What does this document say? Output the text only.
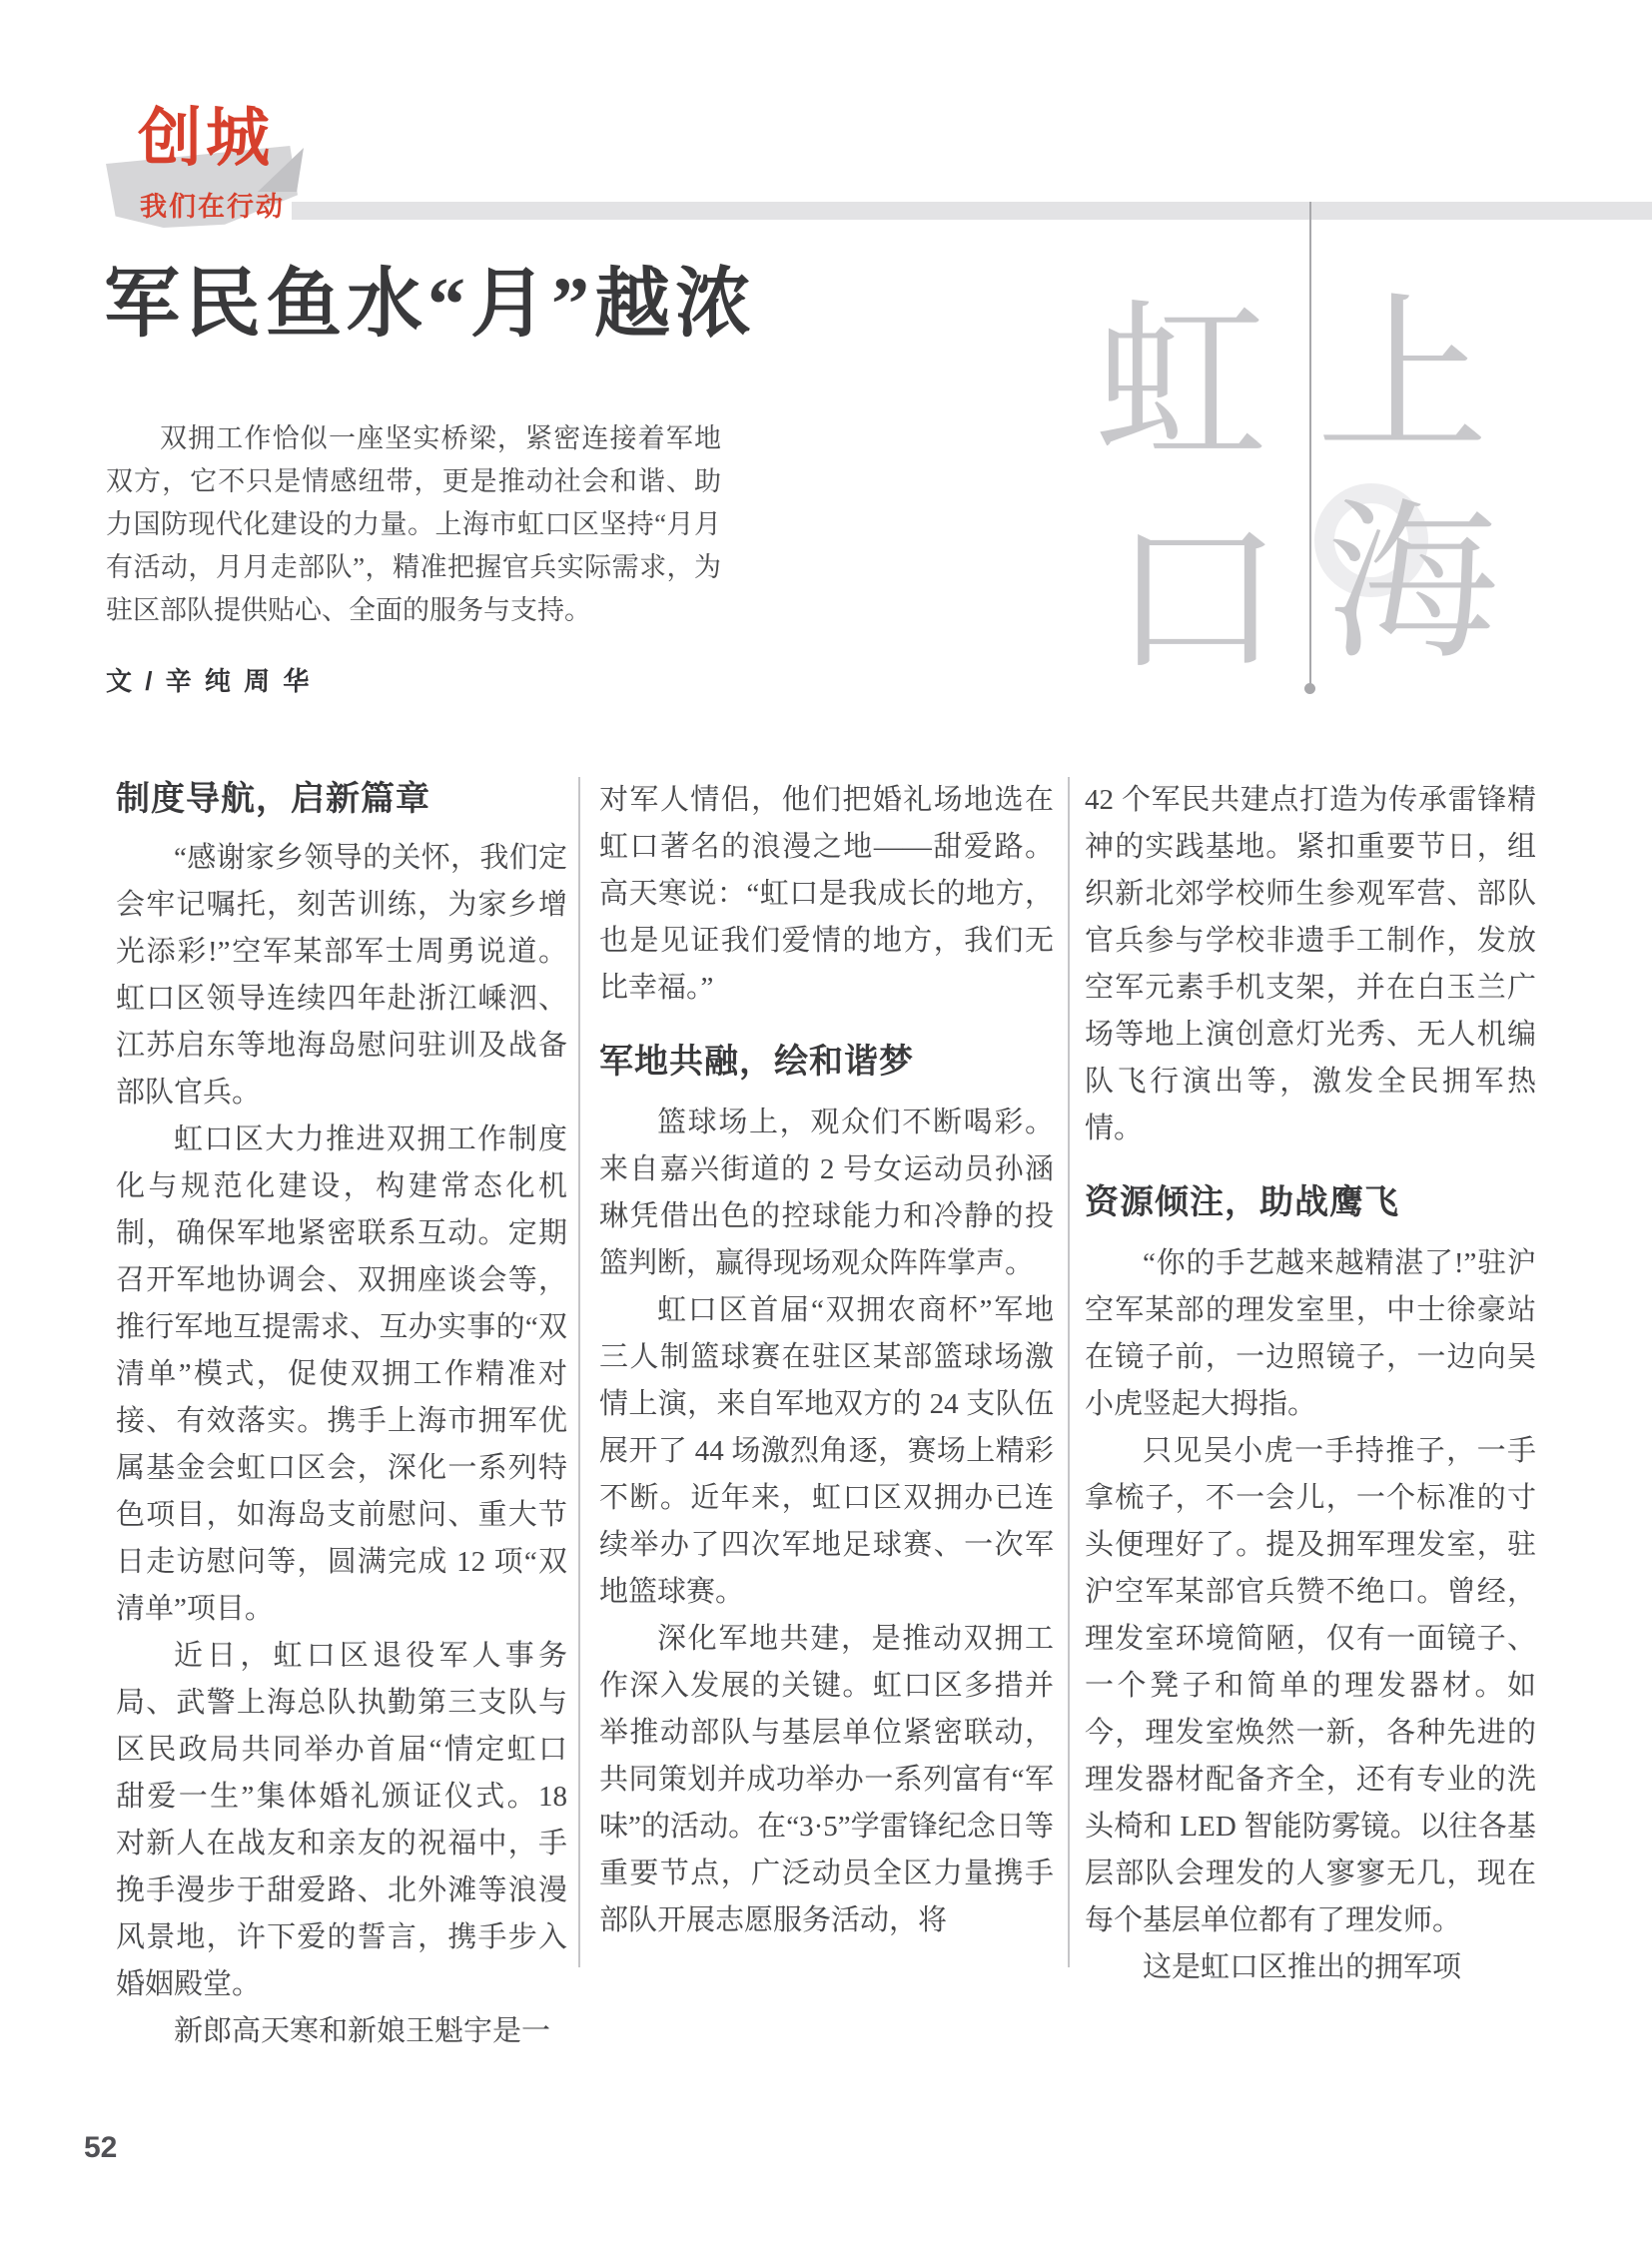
创城
我们在行动
军民鱼水“月”越浓
双拥工作恰似一座坚实桥梁，紧密连接着军地双方，它不只是情感纽带，更是推动社会和谐、助力国防现代化建设的力量。上海市虹口区坚持“月月有活动，月月走部队”，精准把握官兵实际需求，为驻区部队提供贴心、全面的服务与支持。
文 / 辛 纯 周 华
虹 上
口 海
制度导航，启新篇章

“感谢家乡领导的关怀，我们定会牢记嘱托，刻苦训练，为家乡增光添彩!”空军某部军士周勇说道。虹口区领导连续四年赴浙江嵊泗、江苏启东等地海岛慰问驻训及战备部队官兵。

虹口区大力推进双拥工作制度化与规范化建设，构建常态化机制，确保军地紧密联系互动。定期召开军地协调会、双拥座谈会等，推行军地互提需求、互办实事的“双清单”模式，促使双拥工作精准对接、有效落实。携手上海市拥军优属基金会虹口区会，深化一系列特色项目，如海岛支前慰问、重大节日走访慰问等，圆满完成 12 项“双清单”项目。

近日，虹口区退役军人事务局、武警上海总队执勤第三支队与区民政局共同举办首届“情定虹口 甜爱一生”集体婚礼颁证仪式。18 对新人在战友和亲友的祝福中，手挽手漫步于甜爱路、北外滩等浪漫风景地，许下爱的誓言，携手步入婚姻殿堂。

新郎高天寒和新娘王魁宇是一

对军人情侣，他们把婚礼场地选在虹口著名的浪漫之地——甜爱路。高天寒说：“虹口是我成长的地方，也是见证我们爱情的地方，我们无比幸福。”

军地共融，绘和谐梦

篮球场上，观众们不断喝彩。来自嘉兴街道的 2 号女运动员孙涵琳凭借出色的控球能力和冷静的投篮判断，赢得现场观众阵阵掌声。

虹口区首届“双拥农商杯”军地三人制篮球赛在驻区某部篮球场激情上演，来自军地双方的 24 支队伍展开了 44 场激烈角逐，赛场上精彩不断。近年来，虹口区双拥办已连续举办了四次军地足球赛、一次军地篮球赛。

深化军地共建，是推动双拥工作深入发展的关键。虹口区多措并举推动部队与基层单位紧密联动，共同策划并成功举办一系列富有“军味”的活动。在“3·5”学雷锋纪念日等重要节点，广泛动员全区力量携手部队开展志愿服务活动，将

42 个军民共建点打造为传承雷锋精神的实践基地。紧扣重要节日，组织新北郊学校师生参观军营、部队官兵参与学校非遗手工制作，发放空军元素手机支架，并在白玉兰广场等地上演创意灯光秀、无人机编队飞行演出等，激发全民拥军热情。

资源倾注，助战鹰飞

“你的手艺越来越精湛了!”驻沪空军某部的理发室里，中士徐豪站在镜子前，一边照镜子，一边向吴小虎竖起大拇指。

只见吴小虎一手持推子，一手拿梳子，不一会儿，一个标准的寸头便理好了。提及拥军理发室，驻沪空军某部官兵赞不绝口。曾经，理发室环境简陋，仅有一面镜子、一个凳子和简单的理发器材。如今，理发室焕然一新，各种先进的理发器材配备齐全，还有专业的洗头椅和 LED 智能防雾镜。以往各基层部队会理发的人寥寥无几，现在每个基层单位都有了理发师。

这是虹口区推出的拥军项

52
